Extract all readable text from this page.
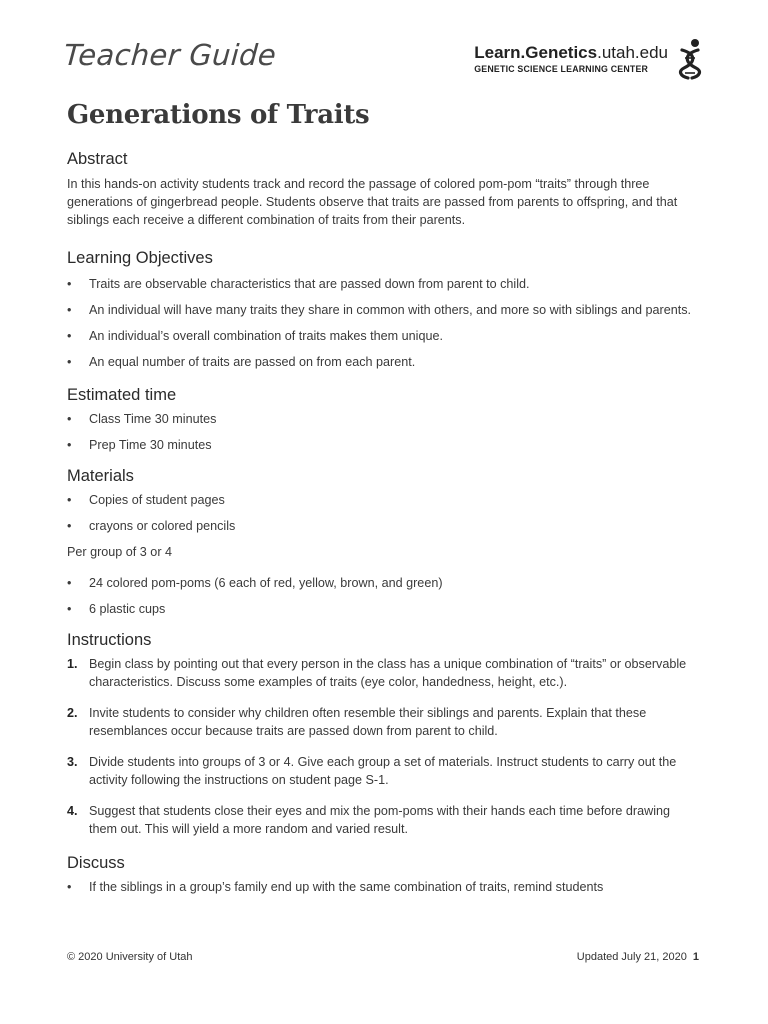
Teacher Guide	Learn.Genetics.utah.edu
GENETIC SCIENCE LEARNING CENTER
Generations of Traits
Abstract

In this hands-on activity students track and record the passage of colored pom-pom “traits” through three generations of gingerbread people. Students observe that traits are passed from parents to offspring, and that siblings each receive a different combination of traits from their parents.

Learning Objectives
• Traits are observable characteristics that are passed down from parent to child.
• An individual will have many traits they share in common with others, and more so with siblings and parents.
• An individual’s overall combination of traits makes them unique.
• An equal number of traits are passed on from each parent.
Estimated time
• Class Time 30 minutes
• Prep Time 30 minutes
Materials
• Copies of student pages
• crayons or colored pencils

Per group of 3 or 4

• 24 colored pom-poms (6 each of red, yellow, brown, and green)
• 6 plastic cups
Instructions
1. Begin class by pointing out that every person in the class has a unique combination of “traits” or observable characteristics. Discuss some examples of traits (eye color, handedness, height, etc.).
2. Invite students to consider why children often resemble their siblings and parents. Explain that these resemblances occur because traits are passed down from parent to child.
3. Divide students into groups of 3 or 4. Give each group a set of materials. Instruct students to carry out the activity following the instructions on student page S-1.
4. Suggest that students close their eyes and mix the pom-poms with their hands each time before drawing them out. This will yield a more random and varied result.
Discuss
• If the siblings in a group’s family end up with the same combination of traits, remind students
© 2020 University of Utah	Updated July 21, 2020 1
